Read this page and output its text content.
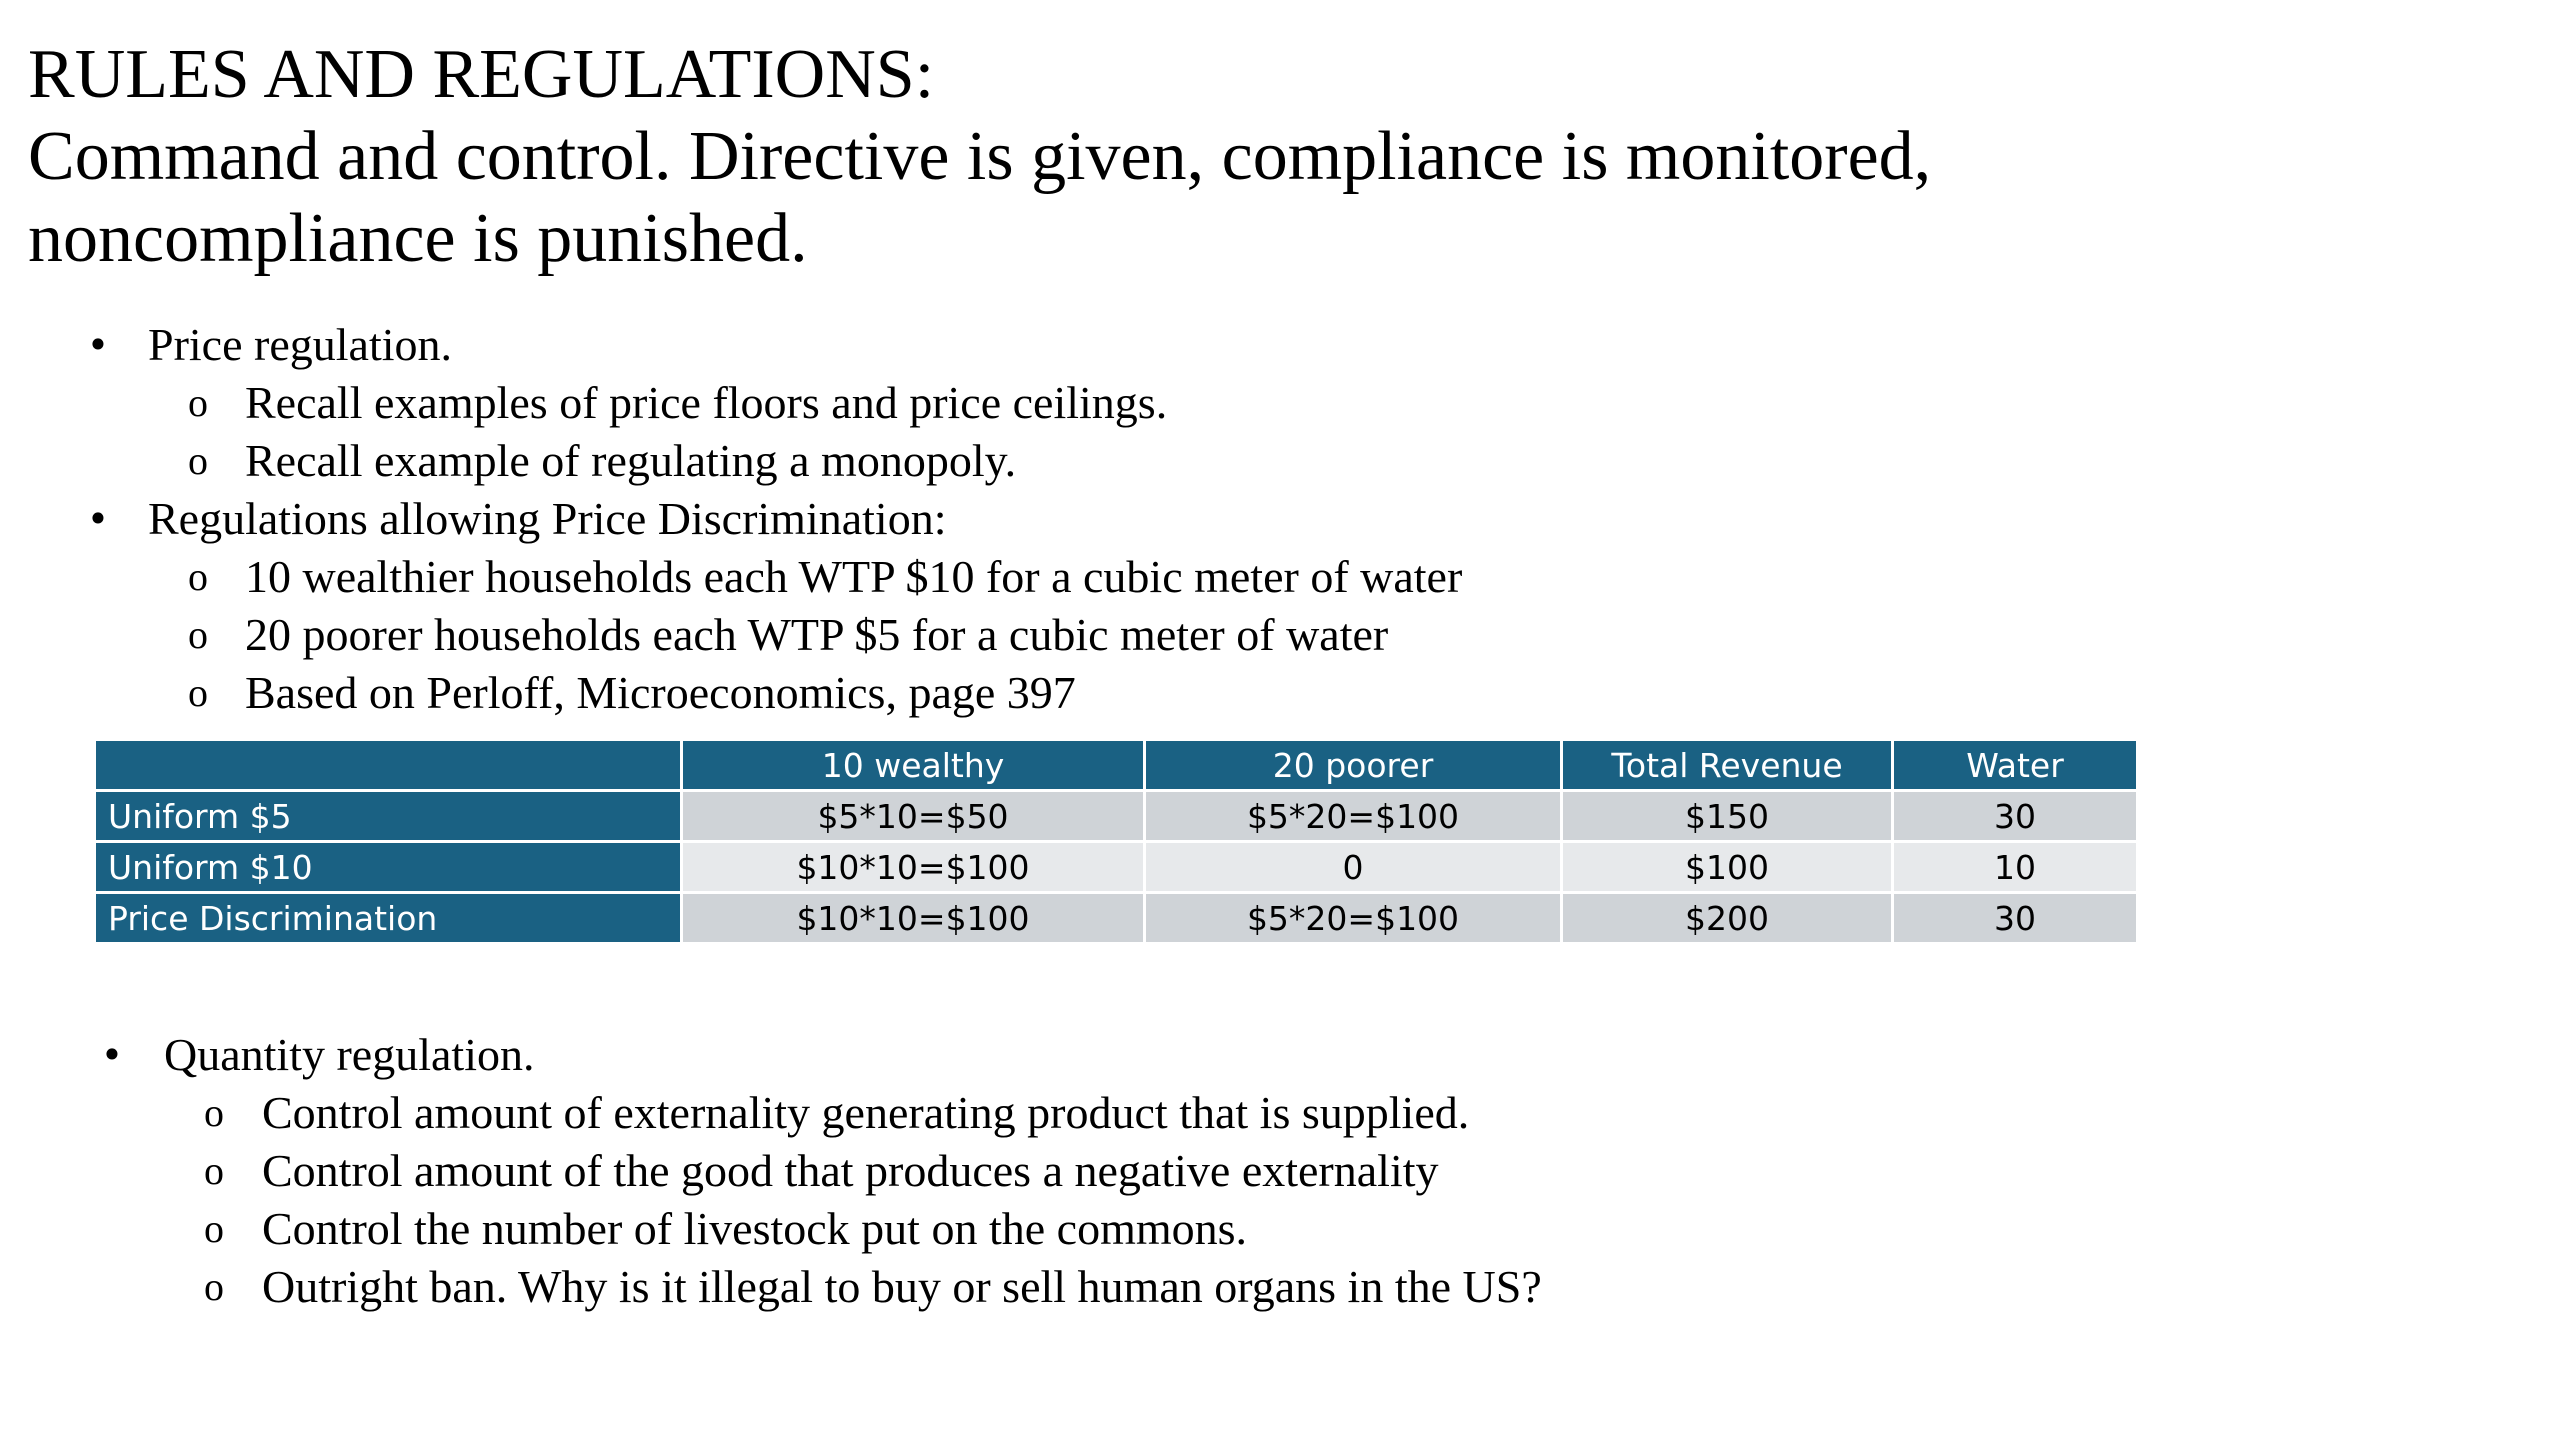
RULES AND REGULATIONS:
Command and control. Directive is given, compliance is monitored,
noncompliance is punished.
• Price regulation.
o Recall examples of price floors and price ceilings.
o Recall example of regulating a monopoly.
• Regulations allowing Price Discrimination:
o 10 wealthier households each WTP $10 for a cubic meter of water
o 20 poorer households each WTP $5 for a cubic meter of water
o Based on Perloff, Microeconomics, page 397
	10 wealthy	20 poorer	Total Revenue	Water
Uniform $5	$5*10=$50	$5*20=$100	$150	30
Uniform $10	$10*10=$100	0	$100	10
Price Discrimination	$10*10=$100	$5*20=$100	$200	30
• Quantity regulation.
o Control amount of externality generating product that is supplied.
o Control amount of the good that produces a negative externality
o Control the number of livestock put on the commons.
o Outright ban. Why is it illegal to buy or sell human organs in the US?
